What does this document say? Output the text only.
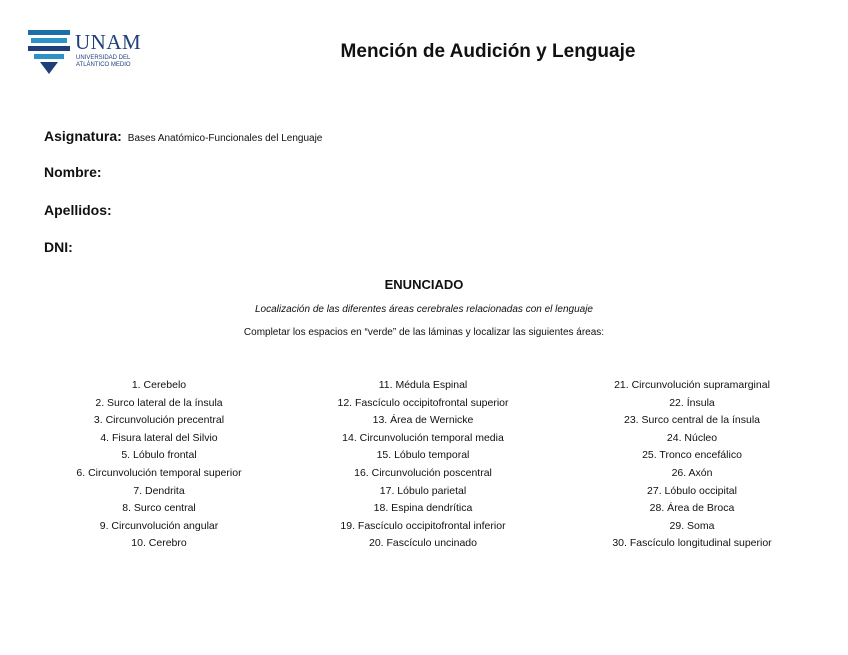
UNAM
UNIVERSIDAD DEL ATLÁNTICO MEDIO
Mención de Audición y Lenguaje
Asignatura: Bases Anatómico-Funcionales del Lenguaje
Nombre:
Apellidos:
DNI:
ENUNCIADO
Localización de las diferentes áreas cerebrales relacionadas con el lenguaje
Completar los espacios en “verde” de las láminas y localizar las siguientes áreas:
1. Cerebelo
2. Surco lateral de la ínsula
3. Circunvolución precentral
4. Fisura lateral del Silvio
5. Lóbulo frontal
6. Circunvolución temporal superior
7. Dendrita
8. Surco central
9. Circunvolución angular
10. Cerebro
11. Médula Espinal
12. Fascículo occipitofrontal superior
13. Área de Wernicke
14. Circunvolución temporal media
15. Lóbulo temporal
16. Circunvolución poscentral
17. Lóbulo parietal
18. Espina dendrítica
19. Fascículo occipitofrontal inferior
20. Fascículo uncinado
21. Circunvolución supramarginal
22. Ínsula
23. Surco central de la ínsula
24. Núcleo
25. Tronco encefálico
26. Axón
27. Lóbulo occipital
28. Área de Broca
29. Soma
30. Fascículo longitudinal superior
